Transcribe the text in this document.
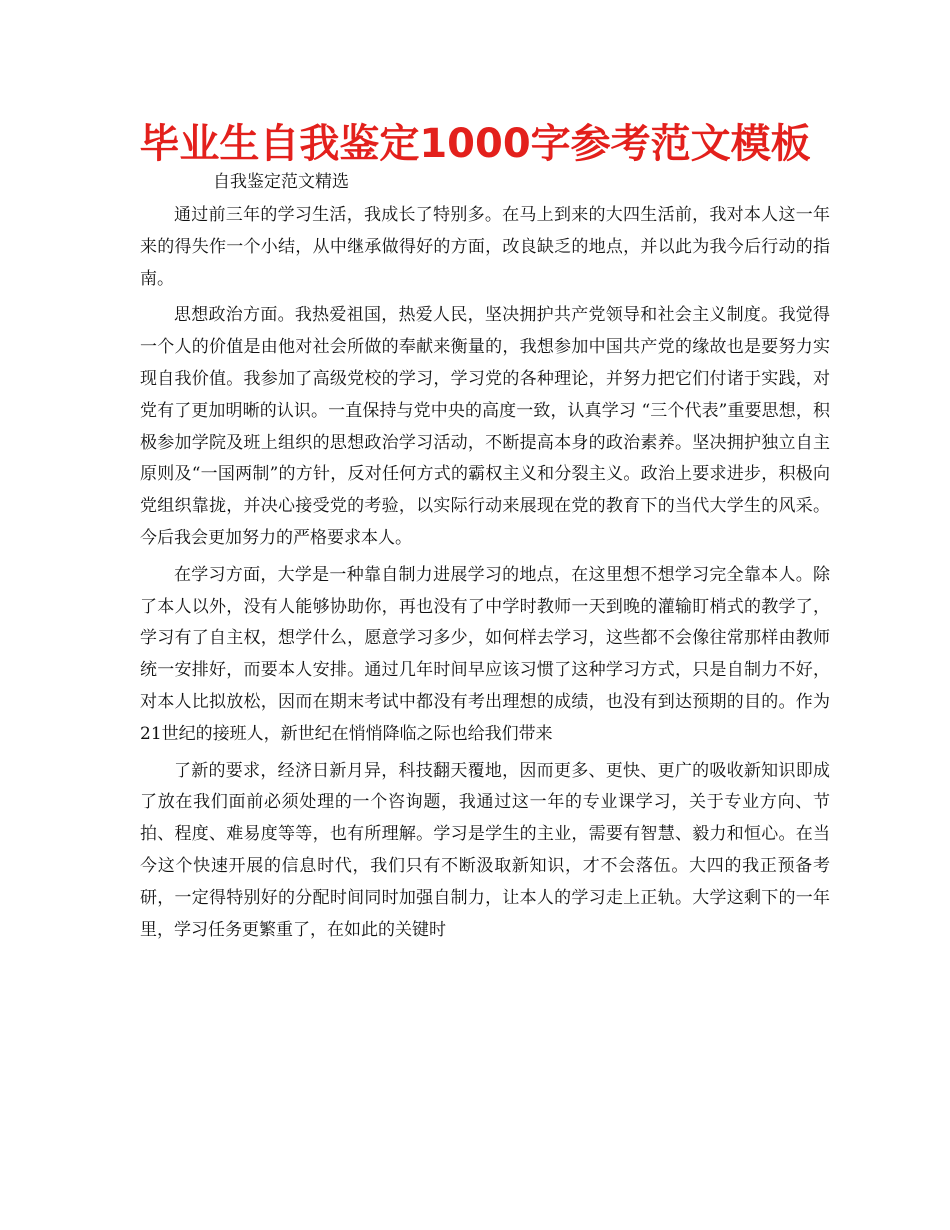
毕业生自我鉴定1000字参考范文模板
自我鉴定范文精选

通过前三年的学习生活，我成长了特别多。在马上到来的大四生活前，我对本人这一年来的得失作一个小结，从中继承做得好的方面，改良缺乏的地点，并以此为我今后行动的指南。

思想政治方面。我热爱祖国，热爱人民，坚决拥护共产党领导和社会主义制度。我觉得一个人的价值是由他对社会所做的奉献来衡量的，我想参加中国共产党的缘故也是要努力实现自我价值。我参加了高级党校的学习，学习党的各种理论，并努力把它们付诸于实践，对党有了更加明晰的认识。一直保持与党中央的高度一致，认真学习 “三个代表”重要思想，积极参加学院及班上组织的思想政治学习活动，不断提高本身的政治素养。坚决拥护独立自主原则及“一国两制”的方针，反对任何方式的霸权主义和分裂主义。政治上要求进步，积极向党组织靠拢，并决心接受党的考验，以实际行动来展现在党的教育下的当代大学生的风采。今后我会更加努力的严格要求本人。

在学习方面，大学是一种靠自制力进展学习的地点，在这里想不想学习完全靠本人。除了本人以外，没有人能够协助你，再也没有了中学时教师一天到晚的灌输盯梢式的教学了，学习有了自主权，想学什么，愿意学习多少，如何样去学习，这些都不会像往常那样由教师统一安排好，而要本人安排。通过几年时间早应该习惯了这种学习方式，只是自制力不好，对本人比拟放松，因而在期末考试中都没有考出理想的成绩，也没有到达预期的目的。作为21世纪的接班人，新世纪在悄悄降临之际也给我们带来

了新的要求，经济日新月异，科技翻天覆地，因而更多、更快、更广的吸收新知识即成了放在我们面前必须处理的一个咨询题，我通过这一年的专业课学习，关于专业方向、节拍、程度、难易度等等，也有所理解。学习是学生的主业，需要有智慧、毅力和恒心。在当今这个快速开展的信息时代，我们只有不断汲取新知识，才不会落伍。大四的我正预备考研，一定得特别好的分配时间同时加强自制力，让本人的学习走上正轨。大学这剩下的一年里，学习任务更繁重了，在如此的关键时
